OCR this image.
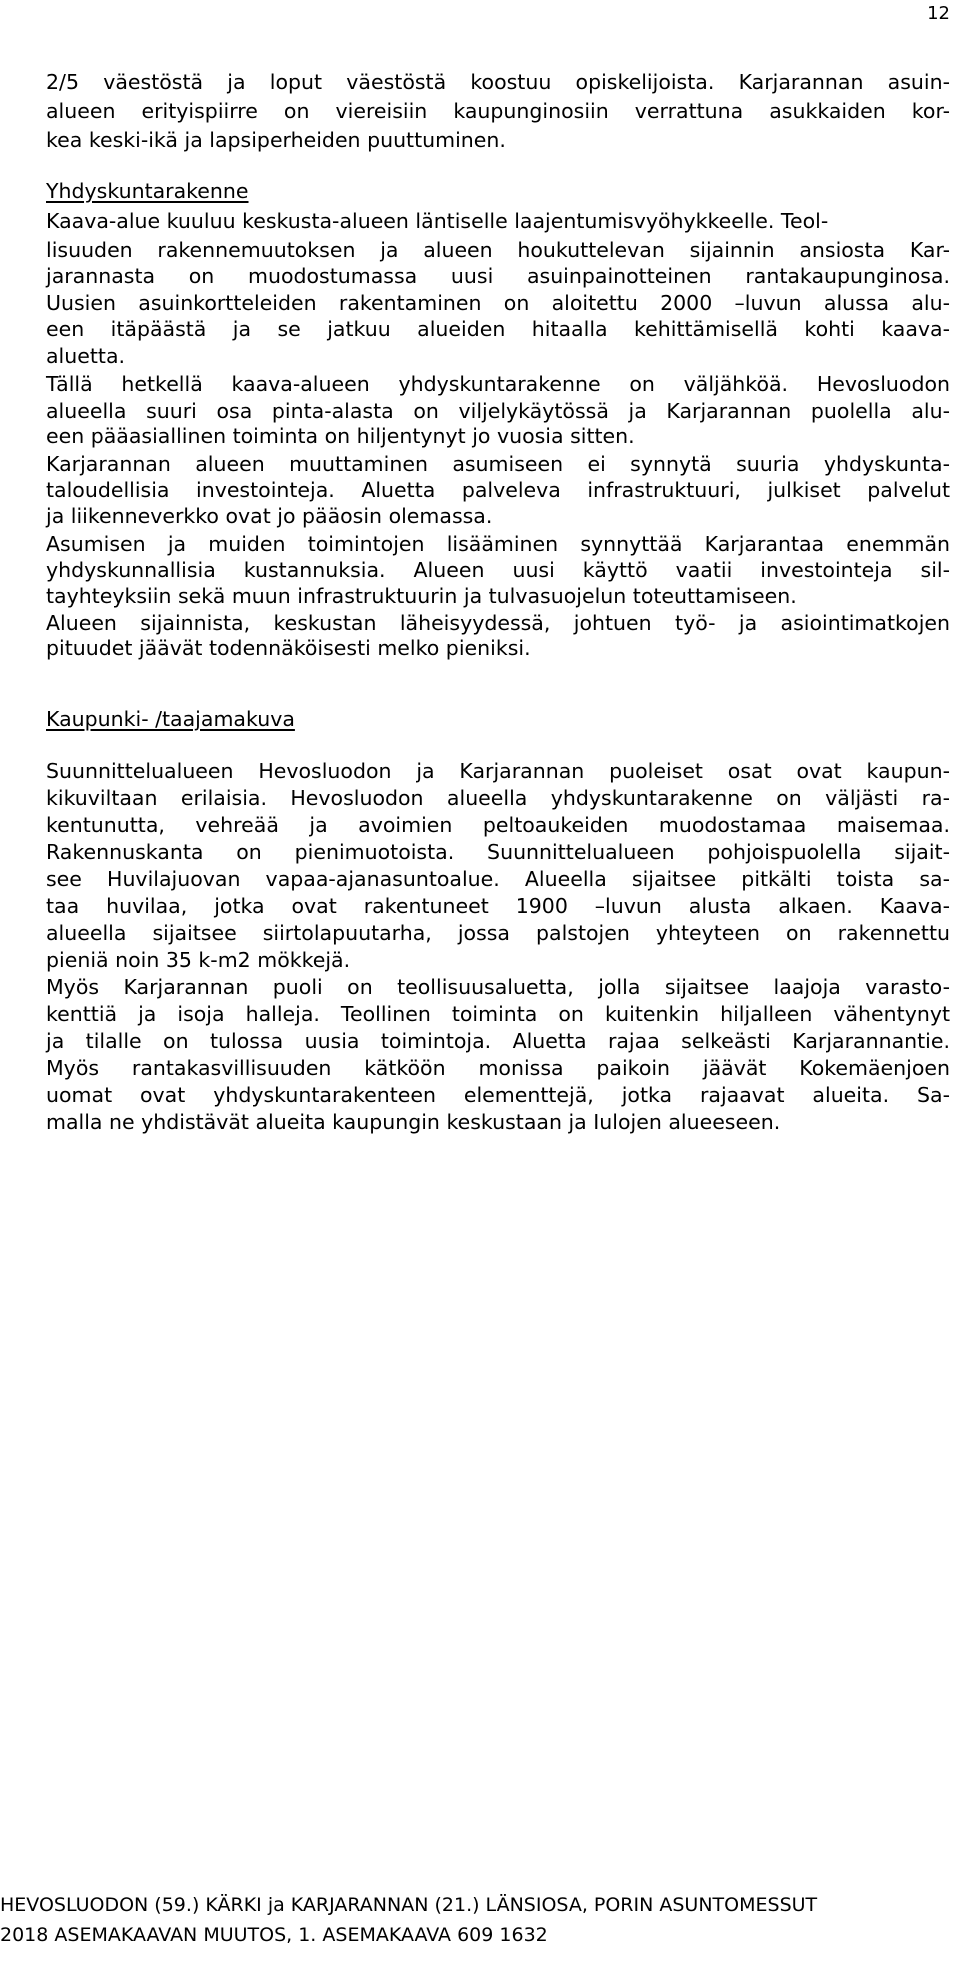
12
2/5 väestöstä ja loput väestöstä koostuu opiskelijoista. Karjarannan asuin-
alueen erityispiirre on viereisiin kaupunginosiin verrattuna asukkaiden kor-
kea keski-ikä ja lapsiperheiden puuttuminen.
Yhdyskuntarakenne
Kaava-alue kuuluu keskusta-alueen läntiselle laajentumisvyöhykkeelle. Teol-
lisuuden rakennemuutoksen ja alueen houkuttelevan sijainnin ansiosta Kar-
jarannasta on muodostumassa uusi asuinpainotteinen rantakaupunginosa.
Uusien asuinkortteleiden rakentaminen on aloitettu 2000 –luvun alussa alu-
een itäpäästä ja se jatkuu alueiden hitaalla kehittämisellä kohti kaava-
aluetta.
Tällä hetkellä kaava-alueen yhdyskuntarakenne on väljähköä. Hevosluodon
alueella suuri osa pinta-alasta on viljelykäytössä ja Karjarannan puolella alu-
een pääasiallinen toiminta on hiljentynyt jo vuosia sitten.
Karjarannan alueen muuttaminen asumiseen ei synnytä suuria yhdyskunta-
taloudellisia investointeja. Aluetta palveleva infrastruktuuri, julkiset palvelut
ja liikenneverkko ovat jo pääosin olemassa.
Asumisen ja muiden toimintojen lisääminen synnyttää Karjarantaa enemmän
yhdyskunnallisia kustannuksia. Alueen uusi käyttö vaatii investointeja sil-
tayhteyksiin sekä muun infrastruktuurin ja tulvasuojelun toteuttamiseen.
Alueen sijainnista, keskustan läheisyydessä, johtuen työ- ja asiointimatkojen
pituudet jäävät todennäköisesti melko pieniksi.
Kaupunki- /taajamakuva
Suunnittelualueen Hevosluodon ja Karjarannan puoleiset osat ovat kaupun-
kikuviltaan erilaisia. Hevosluodon alueella yhdyskuntarakenne on väljästi ra-
kentunutta, vehreää ja avoimien peltoaukeiden muodostamaa maisemaa.
Rakennuskanta on pienimuotoista. Suunnittelualueen pohjoispuolella sijait-
see Huvilajuovan vapaa-ajanasuntoalue. Alueella sijaitsee pitkälti toista sa-
taa huvilaa, jotka ovat rakentuneet 1900 –luvun alusta alkaen. Kaava-
alueella sijaitsee siirtolapuutarha, jossa palstojen yhteyteen on rakennettu
pieniä noin 35 k-m2 mökkejä.
Myös Karjarannan puoli on teollisuusaluetta, jolla sijaitsee laajoja varasto-
kenttiä ja isoja halleja. Teollinen toiminta on kuitenkin hiljalleen vähentynyt
ja tilalle on tulossa uusia toimintoja. Aluetta rajaa selkeästi Karjarannantie.
Myös rantakasvillisuuden kätköön monissa paikoin jäävät Kokemäenjoen
uomat ovat yhdyskuntarakenteen elementtejä, jotka rajaavat alueita. Sa-
malla ne yhdistävät alueita kaupungin keskustaan ja Iulojen alueeseen.
HEVOSLUODON (59.) KÄRKI ja KARJARANNAN (21.) LÄNSIOSA, PORIN ASUNTOMESSUT
2018 ASEMAKAAVAN MUUTOS, 1. ASEMAKAAVA 609 1632
